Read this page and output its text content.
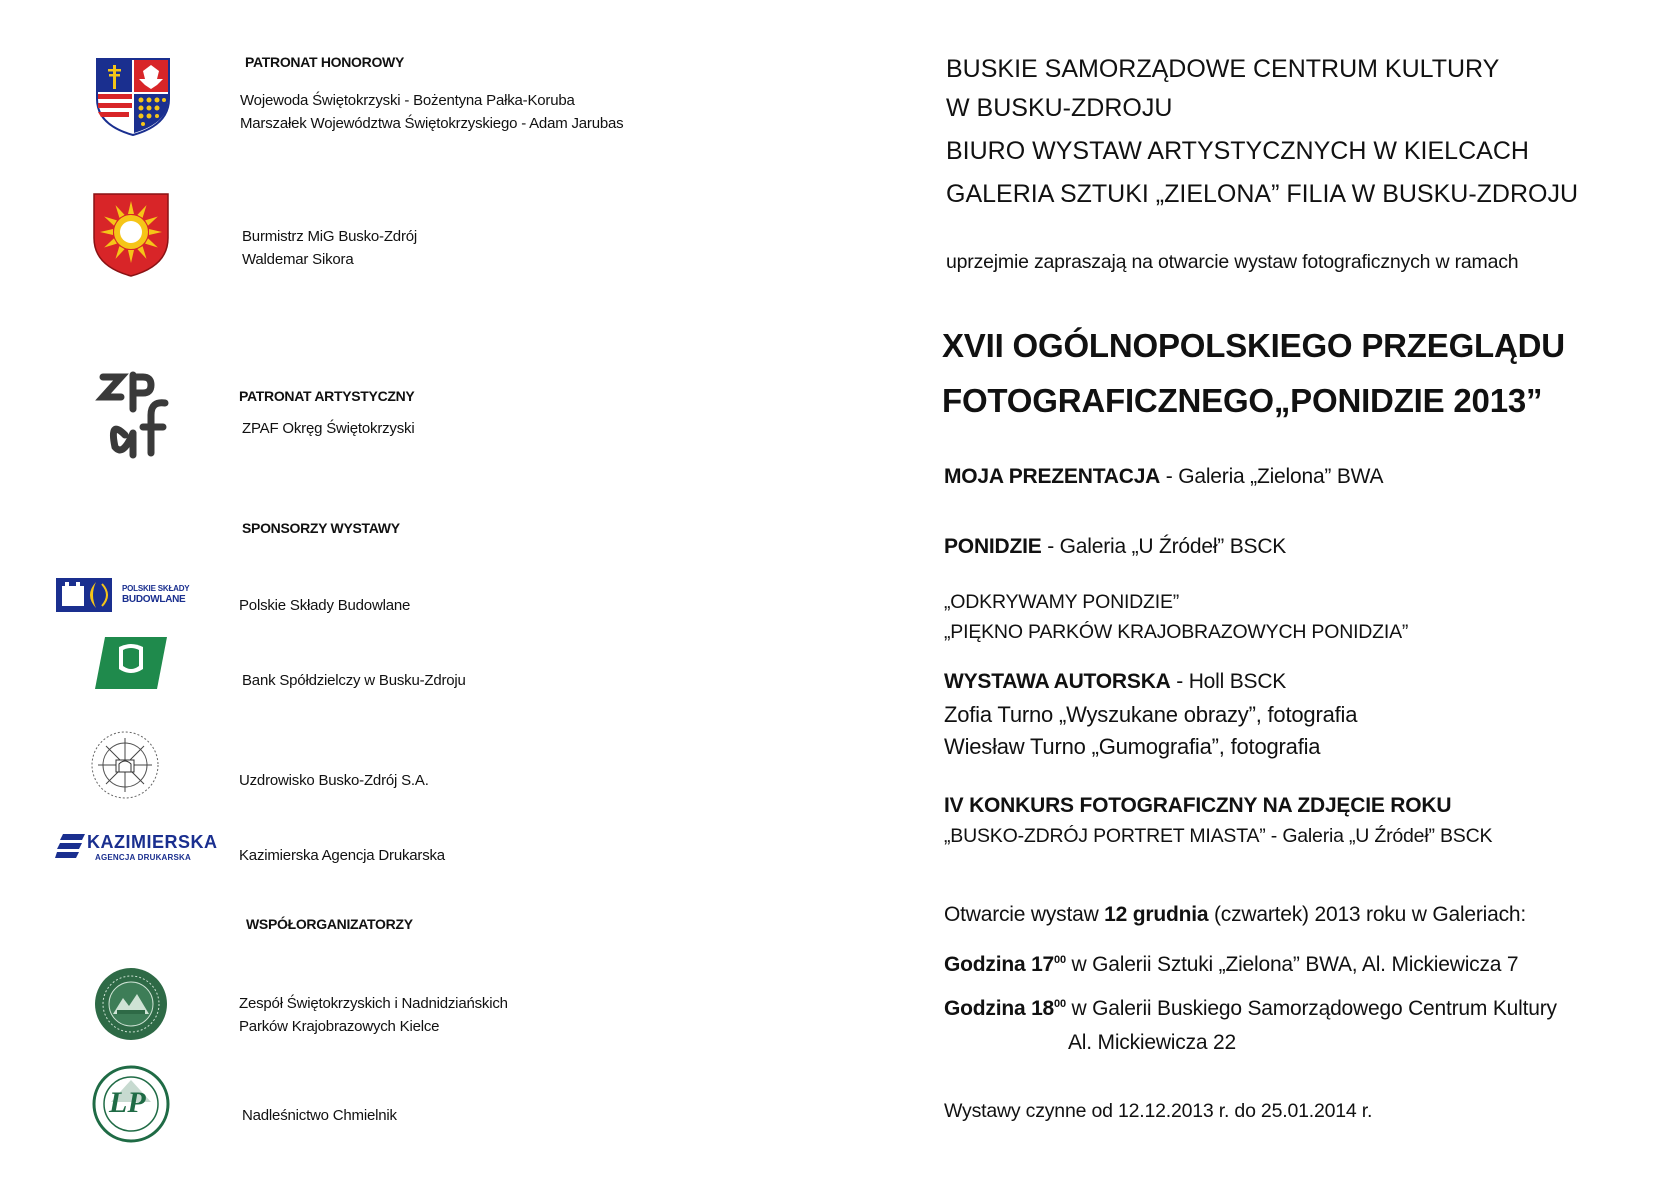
PATRONAT HONOROWY
Wojewoda Świętokrzyski - Bożentyna Pałka-Koruba
Marszałek Województwa Świętokrzyskiego - Adam Jarubas
Burmistrz MiG Busko-Zdrój
Waldemar Sikora
PATRONAT ARTYSTYCZNY
ZPAF Okręg Świętokrzyski
SPONSORZY WYSTAWY
POLSKIE SKŁADY
BUDOWLANE	Polskie Składy Budowlane
Bank Spółdzielczy w Busku-Zdroju
Uzdrowisko Busko-Zdrój S.A.
KAZIMIERSKA
AGENCJA DRUKARSKA	Kazimierska Agencja Drukarska
WSPÓŁORGANIZATORZY
Zespół Świętokrzyskich i Nadnidziańskich
Parków Krajobrazowych Kielce
LP	Nadleśnictwo Chmielnik
BUSKIE SAMORZĄDOWE CENTRUM KULTURY
W BUSKU-ZDROJU
BIURO WYSTAW ARTYSTYCZNYCH W KIELCACH
GALERIA SZTUKI „ZIELONA” FILIA W BUSKU-ZDROJU
uprzejmie zapraszają na otwarcie wystaw fotograficznych w ramach
XVII OGÓLNOPOLSKIEGO PRZEGLĄDU
FOTOGRAFICZNEGO„PONIDZIE 2013”
MOJA PREZENTACJA - Galeria „Zielona” BWA
PONIDZIE - Galeria „U Źródeł” BSCK
„ODKRYWAMY PONIDZIE”
„PIĘKNO PARKÓW KRAJOBRAZOWYCH PONIDZIA”
WYSTAWA AUTORSKA - Holl BSCK
Zofia Turno „Wyszukane obrazy”, fotografia
Wiesław Turno „Gumografia”, fotografia
IV KONKURS FOTOGRAFICZNY NA ZDJĘCIE ROKU
„BUSKO-ZDRÓJ PORTRET MIASTA” - Galeria „U Źródeł” BSCK
Otwarcie wystaw 12 grudnia (czwartek) 2013 roku w Galeriach:
Godzina $17^{00}$ w Galerii Sztuki „Zielona” BWA, Al. Mickiewicza 7
Godzina $18^{00}$ w Galerii Buskiego Samorządowego Centrum Kultury
Al. Mickiewicza 22
Wystawy czynne od 12.12.2013 r. do 25.01.2014 r.
